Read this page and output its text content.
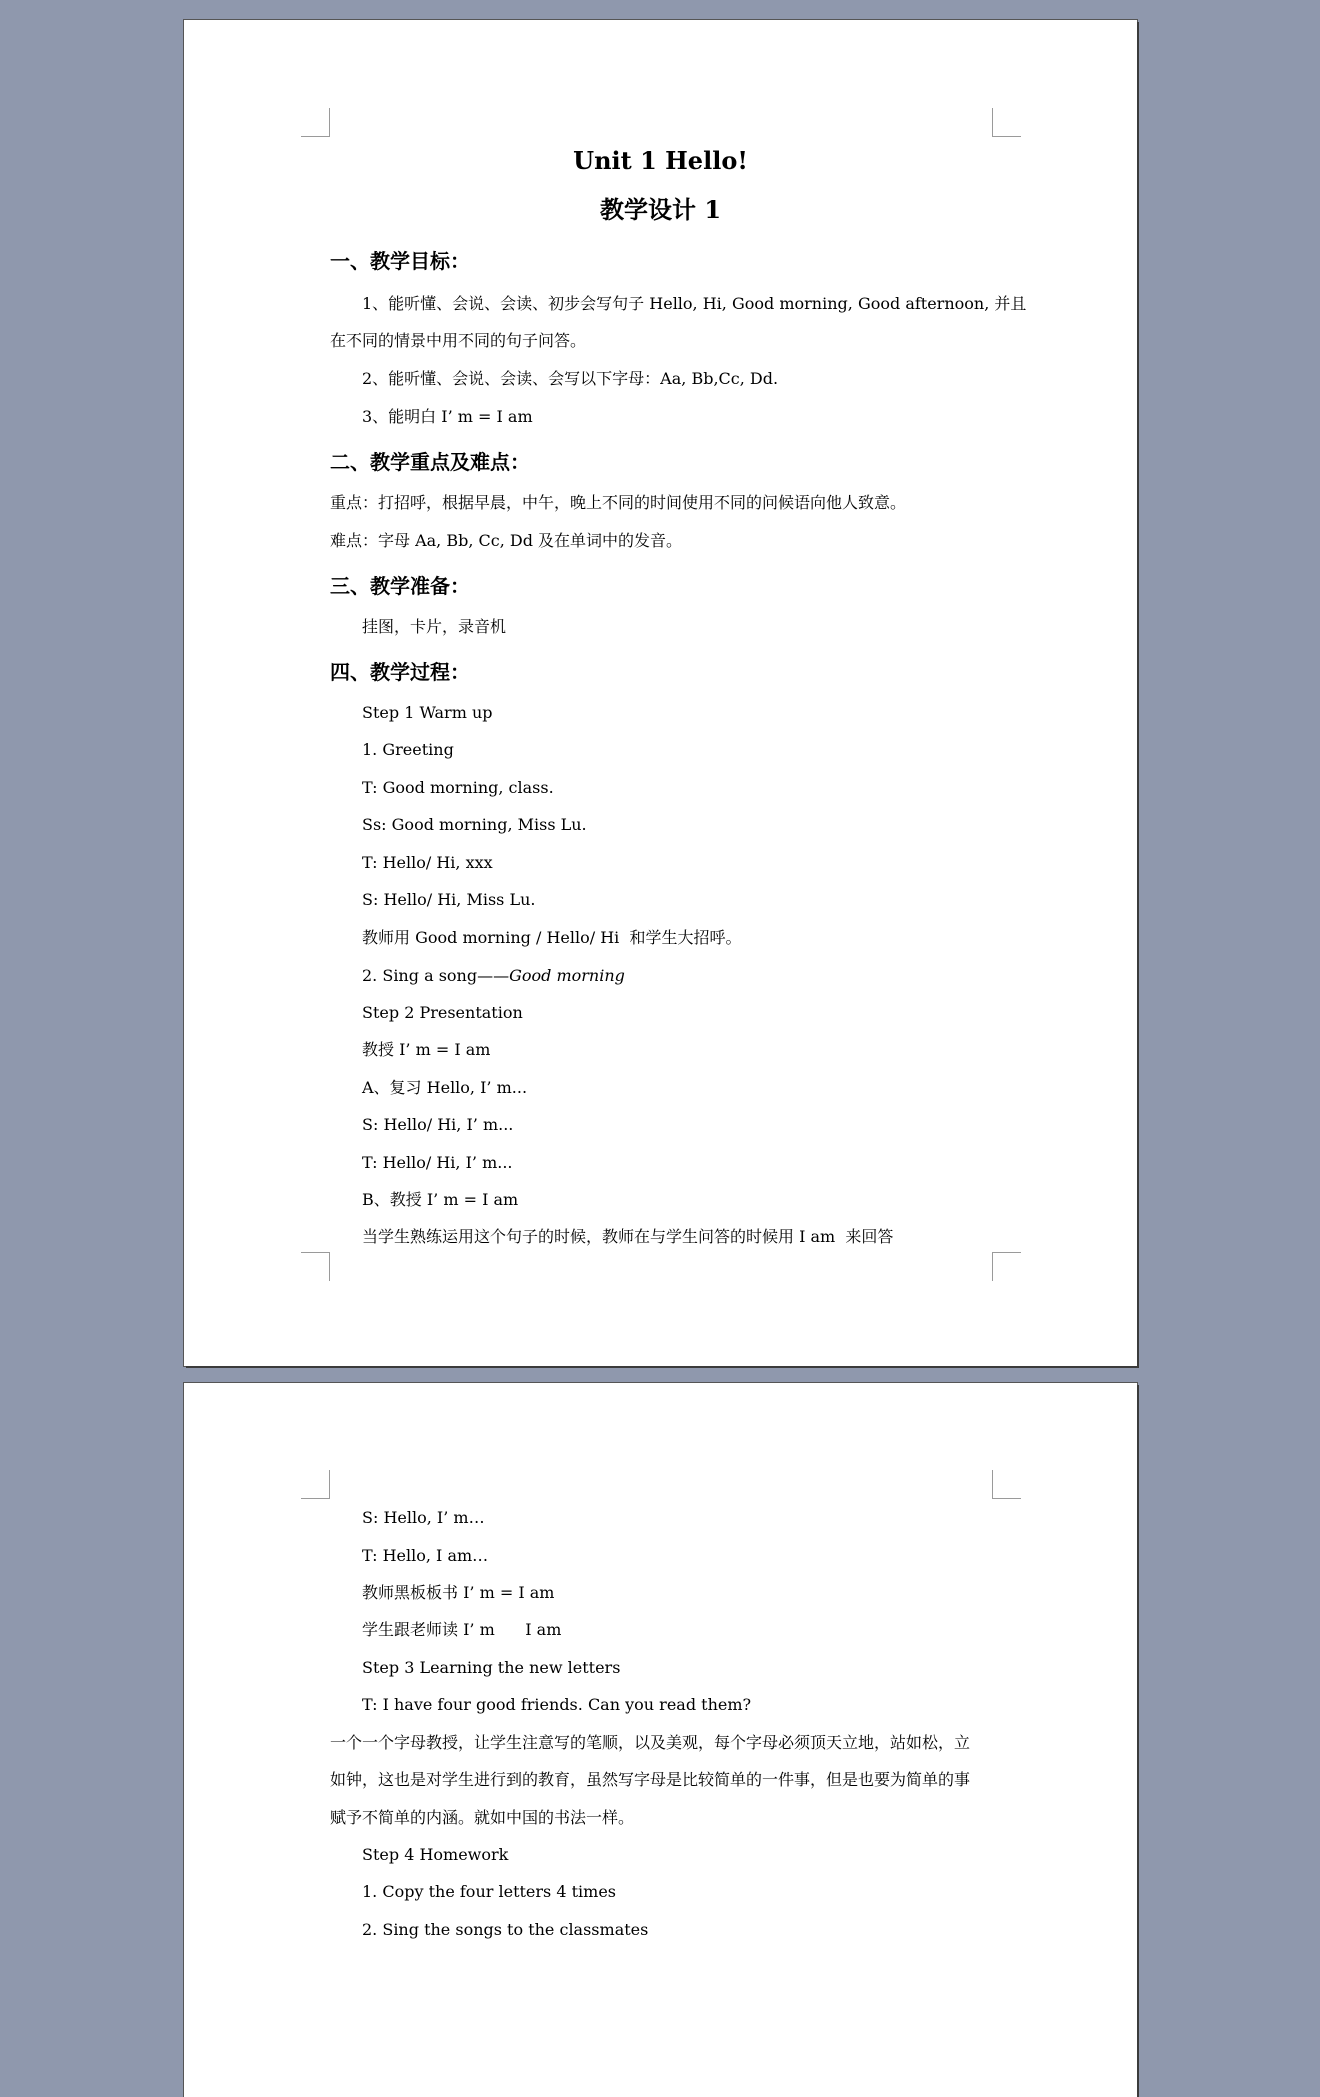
Unit 1 Hello!
教学设计 1
一、教学目标：
1、能听懂、会说、会读、初步会写句子 Hello, Hi, Good morning, Good afternoon, 并且
在不同的情景中用不同的句子问答。
2、能听懂、会说、会读、会写以下字母：Aa, Bb,Cc, Dd.
3、能明白 I’ m = I am
二、教学重点及难点：
重点：打招呼，根据早晨，中午，晚上不同的时间使用不同的问候语向他人致意。
难点：字母 Aa, Bb, Cc, Dd 及在单词中的发音。
三、教学准备：
挂图，卡片，录音机
四、教学过程：
Step 1 Warm up
1. Greeting
T: Good morning, class.
Ss: Good morning, Miss Lu.
T: Hello/ Hi, xxx
S: Hello/ Hi, Miss Lu.
教师用 Good morning / Hello/ Hi  和学生大招呼。
2. Sing a song——Good morning
Step 2 Presentation
教授 I’ m = I am
A、复习 Hello, I’ m...
S: Hello/ Hi, I’ m...
T: Hello/ Hi, I’ m...
B、教授 I’ m = I am
当学生熟练运用这个句子的时候，教师在与学生问答的时候用 I am  来回答
S: Hello, I’ m…
T: Hello, I am…
教师黑板板书 I’ m = I am
学生跟老师读 I’ m      I am
Step 3 Learning the new letters
T: I have four good friends. Can you read them?
一个一个字母教授，让学生注意写的笔顺，以及美观，每个字母必须顶天立地，站如松，立
如钟，这也是对学生进行到的教育，虽然写字母是比较简单的一件事，但是也要为简单的事
赋予不简单的内涵。就如中国的书法一样。
Step 4 Homework
1. Copy the four letters 4 times
2. Sing the songs to the classmates
